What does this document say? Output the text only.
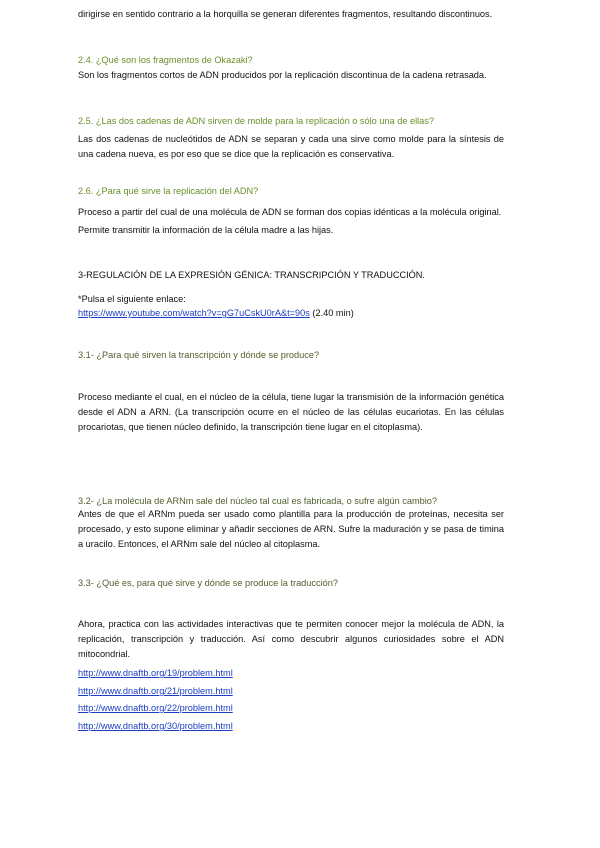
dirigirse en sentido contrario a la horquilla se generan diferentes fragmentos, resultando discontinuos.

2.4. ¿Qué son los fragmentos de Okazaki?

Son los fragmentos cortos de ADN producidos por la replicación discontinua de la cadena retrasada.

2.5. ¿Las dos cadenas de ADN sirven de molde para la replicación o sólo una de ellas?

Las dos cadenas de nucleótidos de ADN se separan y cada una sirve como molde para la síntesis de una cadena nueva, es por eso que se dice que la replicación es conservativa.

2.6. ¿Para qué sirve la replicación del ADN?

Proceso a partir del cual de una molécula de ADN se forman dos copias idénticas a la molécula original. Permite transmitir la información de la célula madre a las hijas.

3-REGULACIÓN DE LA EXPRESIÓN GÉNICA: TRANSCRIPCIÓN Y TRADUCCIÓN.

*Pulsa el siguiente enlace:

https://www.youtube.com/watch?v=gG7uCskU0rA&t=90s (2.40 min)

3.1- ¿Para qué sirven la transcripción y dónde se produce?

Proceso mediante el cual, en el núcleo de la célula, tiene lugar la transmisión de la información genética desde el ADN a ARN. (La transcripción ocurre en el núcleo de las células eucariotas. En las células procariotas, que tienen núcleo definido, la transcripción tiene lugar en el citoplasma).

3.2- ¿La molécula de ARNm sale del núcleo tal cual es fabricada, o sufre algún cambio?

Antes de que el ARNm pueda ser usado como plantilla para la producción de proteínas, necesita ser procesado, y esto supone eliminar y añadir secciones de ARN. Sufre la maduración y se pasa de timina a uracilo. Entonces, el ARNm sale del núcleo al citoplasma.

3.3- ¿Qué es, para qué sirve y dónde se produce la traducción?

Ahora, practica con las actividades interactivas que te permiten conocer mejor la molécula de ADN, la replicación, transcripción y traducción. Así como descubrir algunos curiosidades sobre el ADN mitocondrial.

http://www.dnaftb.org/19/problem.html

http://www.dnaftb.org/21/problem.html

http://www.dnaftb.org/22/problem.html

http://www.dnaftb.org/30/problem.html
